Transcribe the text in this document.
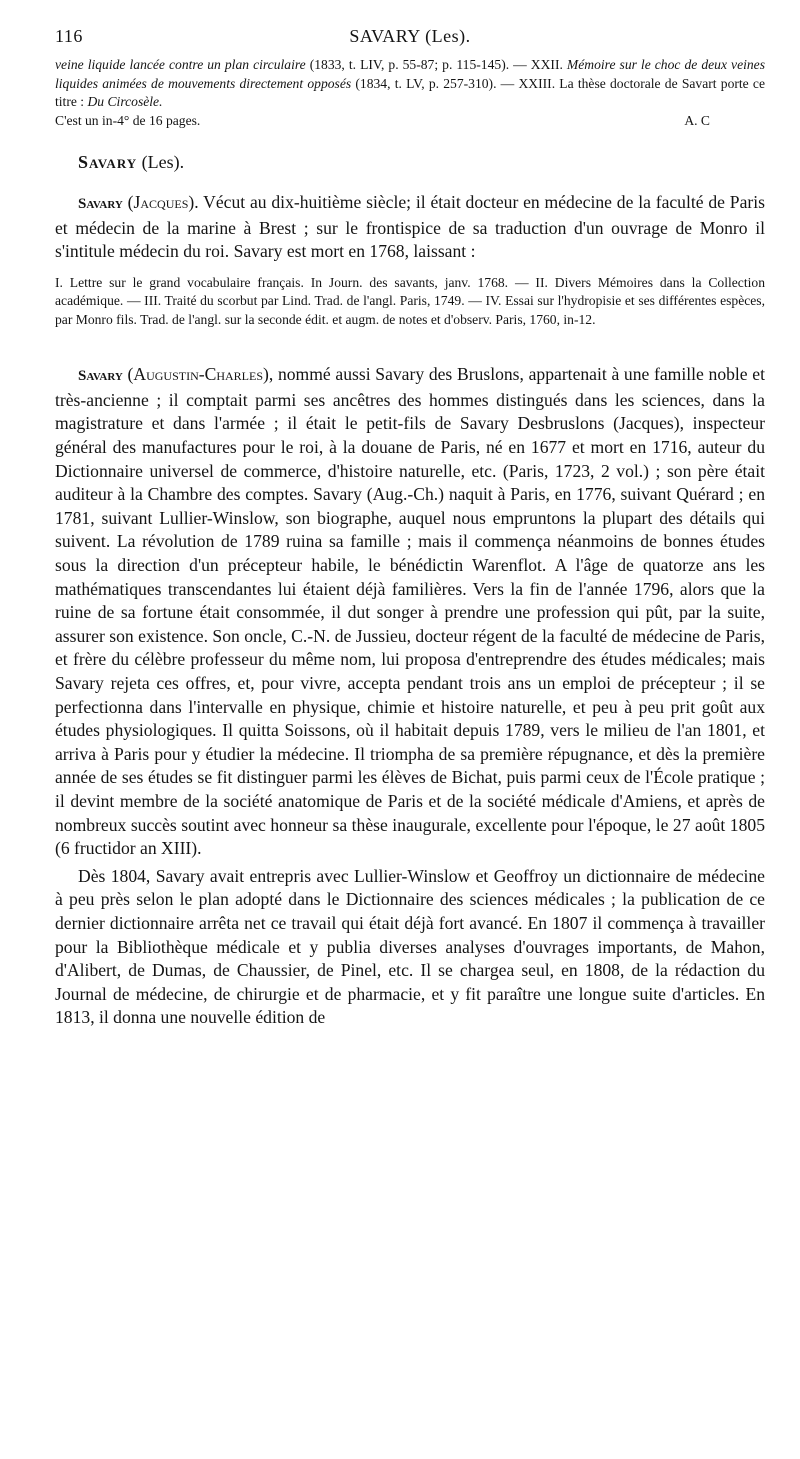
116	SAVARY (Les).

veine liquide lancée contre un plan circulaire (1833, t. LIV, p. 55-87; p. 115-145). — XXII. Mémoire sur le choc de deux veines liquides animées de mouvements directement opposés (1834, t. LV, p. 257-310). — XXIII. La thèse doctorale de Savart porte ce titre : Du Circosèle.

C'est un in-4° de 16 pages.	A. C

Savary (Les).

Savary (Jacques). Vécut au dix-huitième siècle; il était docteur en médecine de la faculté de Paris et médecin de la marine à Brest ; sur le frontispice de sa traduction d'un ouvrage de Monro il s'intitule médecin du roi. Savary est mort en 1768, laissant :

I. Lettre sur le grand vocabulaire français. In Journ. des savants, janv. 1768. — II. Divers Mémoires dans la Collection académique. — III. Traité du scorbut par Lind. Trad. de l'angl. Paris, 1749. — IV. Essai sur l'hydropisie et ses différentes espèces, par Monro fils. Trad. de l'angl. sur la seconde édit. et augm. de notes et d'observ. Paris, 1760, in-12.

Savary (Augustin-Charles), nommé aussi Savary des Bruslons, appartenait à une famille noble et très-ancienne ; il comptait parmi ses ancêtres des hommes distingués dans les sciences, dans la magistrature et dans l'armée ; il était le petit-fils de Savary Desbruslons (Jacques), inspecteur général des manufactures pour le roi, à la douane de Paris, né en 1677 et mort en 1716, auteur du Dictionnaire universel de commerce, d'histoire naturelle, etc. (Paris, 1723, 2 vol.) ; son père était auditeur à la Chambre des comptes. Savary (Aug.-Ch.) naquit à Paris, en 1776, suivant Quérard ; en 1781, suivant Lullier-Winslow, son biographe, auquel nous empruntons la plupart des détails qui suivent. La révolution de 1789 ruina sa famille ; mais il commença néanmoins de bonnes études sous la direction d'un précepteur habile, le bénédictin Warenflot. A l'âge de quatorze ans les mathématiques transcendantes lui étaient déjà familières. Vers la fin de l'année 1796, alors que la ruine de sa fortune était consommée, il dut songer à prendre une profession qui pût, par la suite, assurer son existence. Son oncle, C.-N. de Jussieu, docteur régent de la faculté de médecine de Paris, et frère du célèbre professeur du même nom, lui proposa d'entreprendre des études médicales; mais Savary rejeta ces offres, et, pour vivre, accepta pendant trois ans un emploi de précepteur ; il se perfectionna dans l'intervalle en physique, chimie et histoire naturelle, et peu à peu prit goût aux études physiologiques. Il quitta Soissons, où il habitait depuis 1789, vers le milieu de l'an 1801, et arriva à Paris pour y étudier la médecine. Il triompha de sa première répugnance, et dès la première année de ses études se fit distinguer parmi les élèves de Bichat, puis parmi ceux de l'École pratique ; il devint membre de la société anatomique de Paris et de la société médicale d'Amiens, et après de nombreux succès soutint avec honneur sa thèse inaugurale, excellente pour l'époque, le 27 août 1805 (6 fructidor an XIII).

Dès 1804, Savary avait entrepris avec Lullier-Winslow et Geoffroy un dictionnaire de médecine à peu près selon le plan adopté dans le Dictionnaire des sciences médicales ; la publication de ce dernier dictionnaire arrêta net ce travail qui était déjà fort avancé. En 1807 il commença à travailler pour la Bibliothèque médicale et y publia diverses analyses d'ouvrages importants, de Mahon, d'Alibert, de Dumas, de Chaussier, de Pinel, etc. Il se chargea seul, en 1808, de la rédaction du Journal de médecine, de chirurgie et de pharmacie, et y fit paraître une longue suite d'articles. En 1813, il donna une nouvelle édition de
